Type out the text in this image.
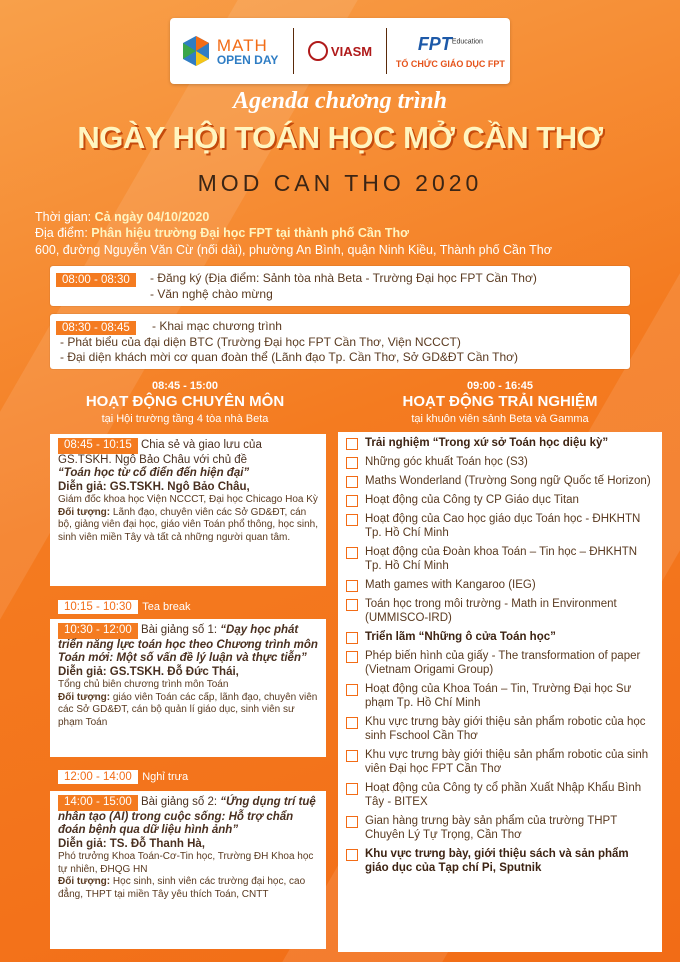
MATH
OPEN DAY
VIASM	$FPT^{Education}$
TỔ CHỨC GIÁO DỤC FPT
Agenda chương trình
NGÀY HỘI TOÁN HỌC MỞ CẦN THƠ
MOD CAN THO 2020
Thời gian: Cả ngày 04/10/2020
Địa điểm: Phân hiệu trường Đại học FPT tại thành phố Cần Thơ
600, đường Nguyễn Văn Cừ (nối dài), phường An Bình, quận Ninh Kiều, Thành phố Cần Thơ
08:00 - 08:30	- Đăng ký (Địa điểm: Sảnh tòa nhà Beta - Trường Đại học FPT Cần Thơ)
- Văn nghệ chào mừng
08:30 - 08:45	- Khai mạc chương trình
- Phát biểu của đại diện BTC (Trường Đại học FPT Cần Thơ, Viện NCCCT)
- Đại diện khách mời cơ quan đoàn thể (Lãnh đạo Tp. Cần Thơ, Sở GD&ĐT Cần Thơ)
08:45 - 15:00
HOẠT ĐỘNG CHUYÊN MÔN
tại Hội trường tầng 4 tòa nhà Beta
08:45 - 10:15 Chia sẻ và giao lưu của GS.TSKH. Ngô Bảo Châu với chủ đề
“Toán học từ cổ điển đến hiện đại”
Diễn giả: GS.TSKH. Ngô Bảo Châu,
Giám đốc khoa học Viện NCCCT, Đại học Chicago Hoa Kỳ
Đối tượng: Lãnh đạo, chuyên viên các Sở GD&ĐT, cán bộ, giảng viên đại học, giáo viên Toán phổ thông, học sinh, sinh viên miền Tây và tất cả những người quan tâm.
10:15 - 10:30 Tea break
10:30 - 12:00 Bài giảng số 1: “Dạy học phát triển năng lực toán học theo Chương trình môn Toán mới: Một số vấn đề lý luận và thực tiễn”
Diễn giả: GS.TSKH. Đỗ Đức Thái,
Tổng chủ biên chương trình môn Toán
Đối tượng: giáo viên Toán các cấp, lãnh đạo, chuyên viên các Sở GD&ĐT, cán bộ quản lí giáo dục, sinh viên sư phạm Toán
12:00 - 14:00 Nghỉ trưa
14:00 - 15:00 Bài giảng số 2: “Ứng dụng trí tuệ nhân tạo (AI) trong cuộc sống: Hỗ trợ chẩn đoán bệnh qua dữ liệu hình ảnh”
Diễn giả: TS. Đỗ Thanh Hà,
Phó trưởng Khoa Toán-Cơ-Tin học, Trường ĐH Khoa học tự nhiên, ĐHQG HN
Đối tượng: Học sinh, sinh viên các trường đại học, cao đẳng, THPT tại miền Tây yêu thích Toán, CNTT
09:00 - 16:45
HOẠT ĐỘNG TRẢI NGHIỆM
tại khuôn viên sảnh Beta và Gamma
Trải nghiệm “Trong xứ sở Toán học diệu kỳ”
Những góc khuất Toán học (S3)
Maths Wonderland (Trường Song ngữ Quốc tế Horizon)
Hoạt động của Công ty CP Giáo dục Titan
Hoạt động của Cao học giáo dục Toán học - ĐHKHTN Tp. Hồ Chí Minh
Hoạt động của Đoàn khoa Toán – Tin học – ĐHKHTN Tp. Hồ Chí Minh
Math games with Kangaroo (IEG)
Toán học trong môi trường - Math in Environment (UMMISCO-IRD)
Triển lãm “Những ô cửa Toán học”
Phép biến hình của giấy - The transformation of paper (Vietnam Origami Group)
Hoạt động của Khoa Toán – Tin, Trường Đại học Sư phạm Tp. Hồ Chí Minh
Khu vực trưng bày giới thiệu sản phẩm robotic của học sinh Fschool Cần Thơ
Khu vực trưng bày giới thiệu sản phẩm robotic của sinh viên Đại học FPT Cần Thơ
Hoạt động của Công ty cổ phần Xuất Nhập Khẩu Bình Tây - BITEX
Gian hàng trưng bày sản phẩm của trường THPT Chuyên Lý Tự Trọng, Cần Thơ
Khu vực trưng bày, giới thiệu sách và sản phẩm giáo dục của Tạp chí Pi, Sputnik
